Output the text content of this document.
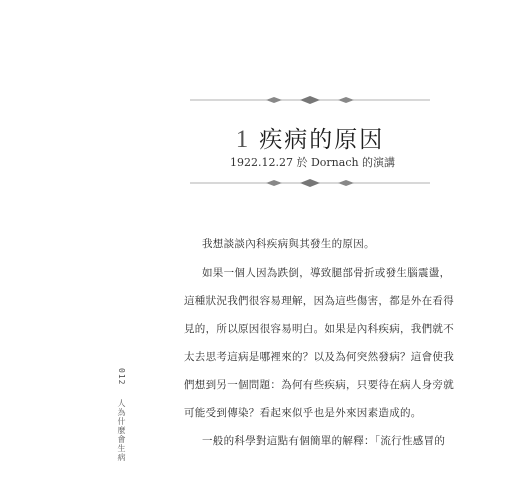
1 疾病的原因
1922.12.27 於 Dornach 的演講

我想談談內科疾病與其發生的原因。

如果一個人因為跌倒，導致腿部骨折或發生腦震盪，

這種狀況我們很容易理解，因為這些傷害，都是外在看得

見的，所以原因很容易明白。如果是內科疾病，我們就不

太去思考這病是哪裡來的？以及為何突然發病？這會使我

們想到另一個問題：為何有些疾病，只要待在病人身旁就

可能受到傳染？看起來似乎也是外來因素造成的。

一般的科學對這點有個簡單的解釋：「流行性感冒的

012 人為什麼會生病
